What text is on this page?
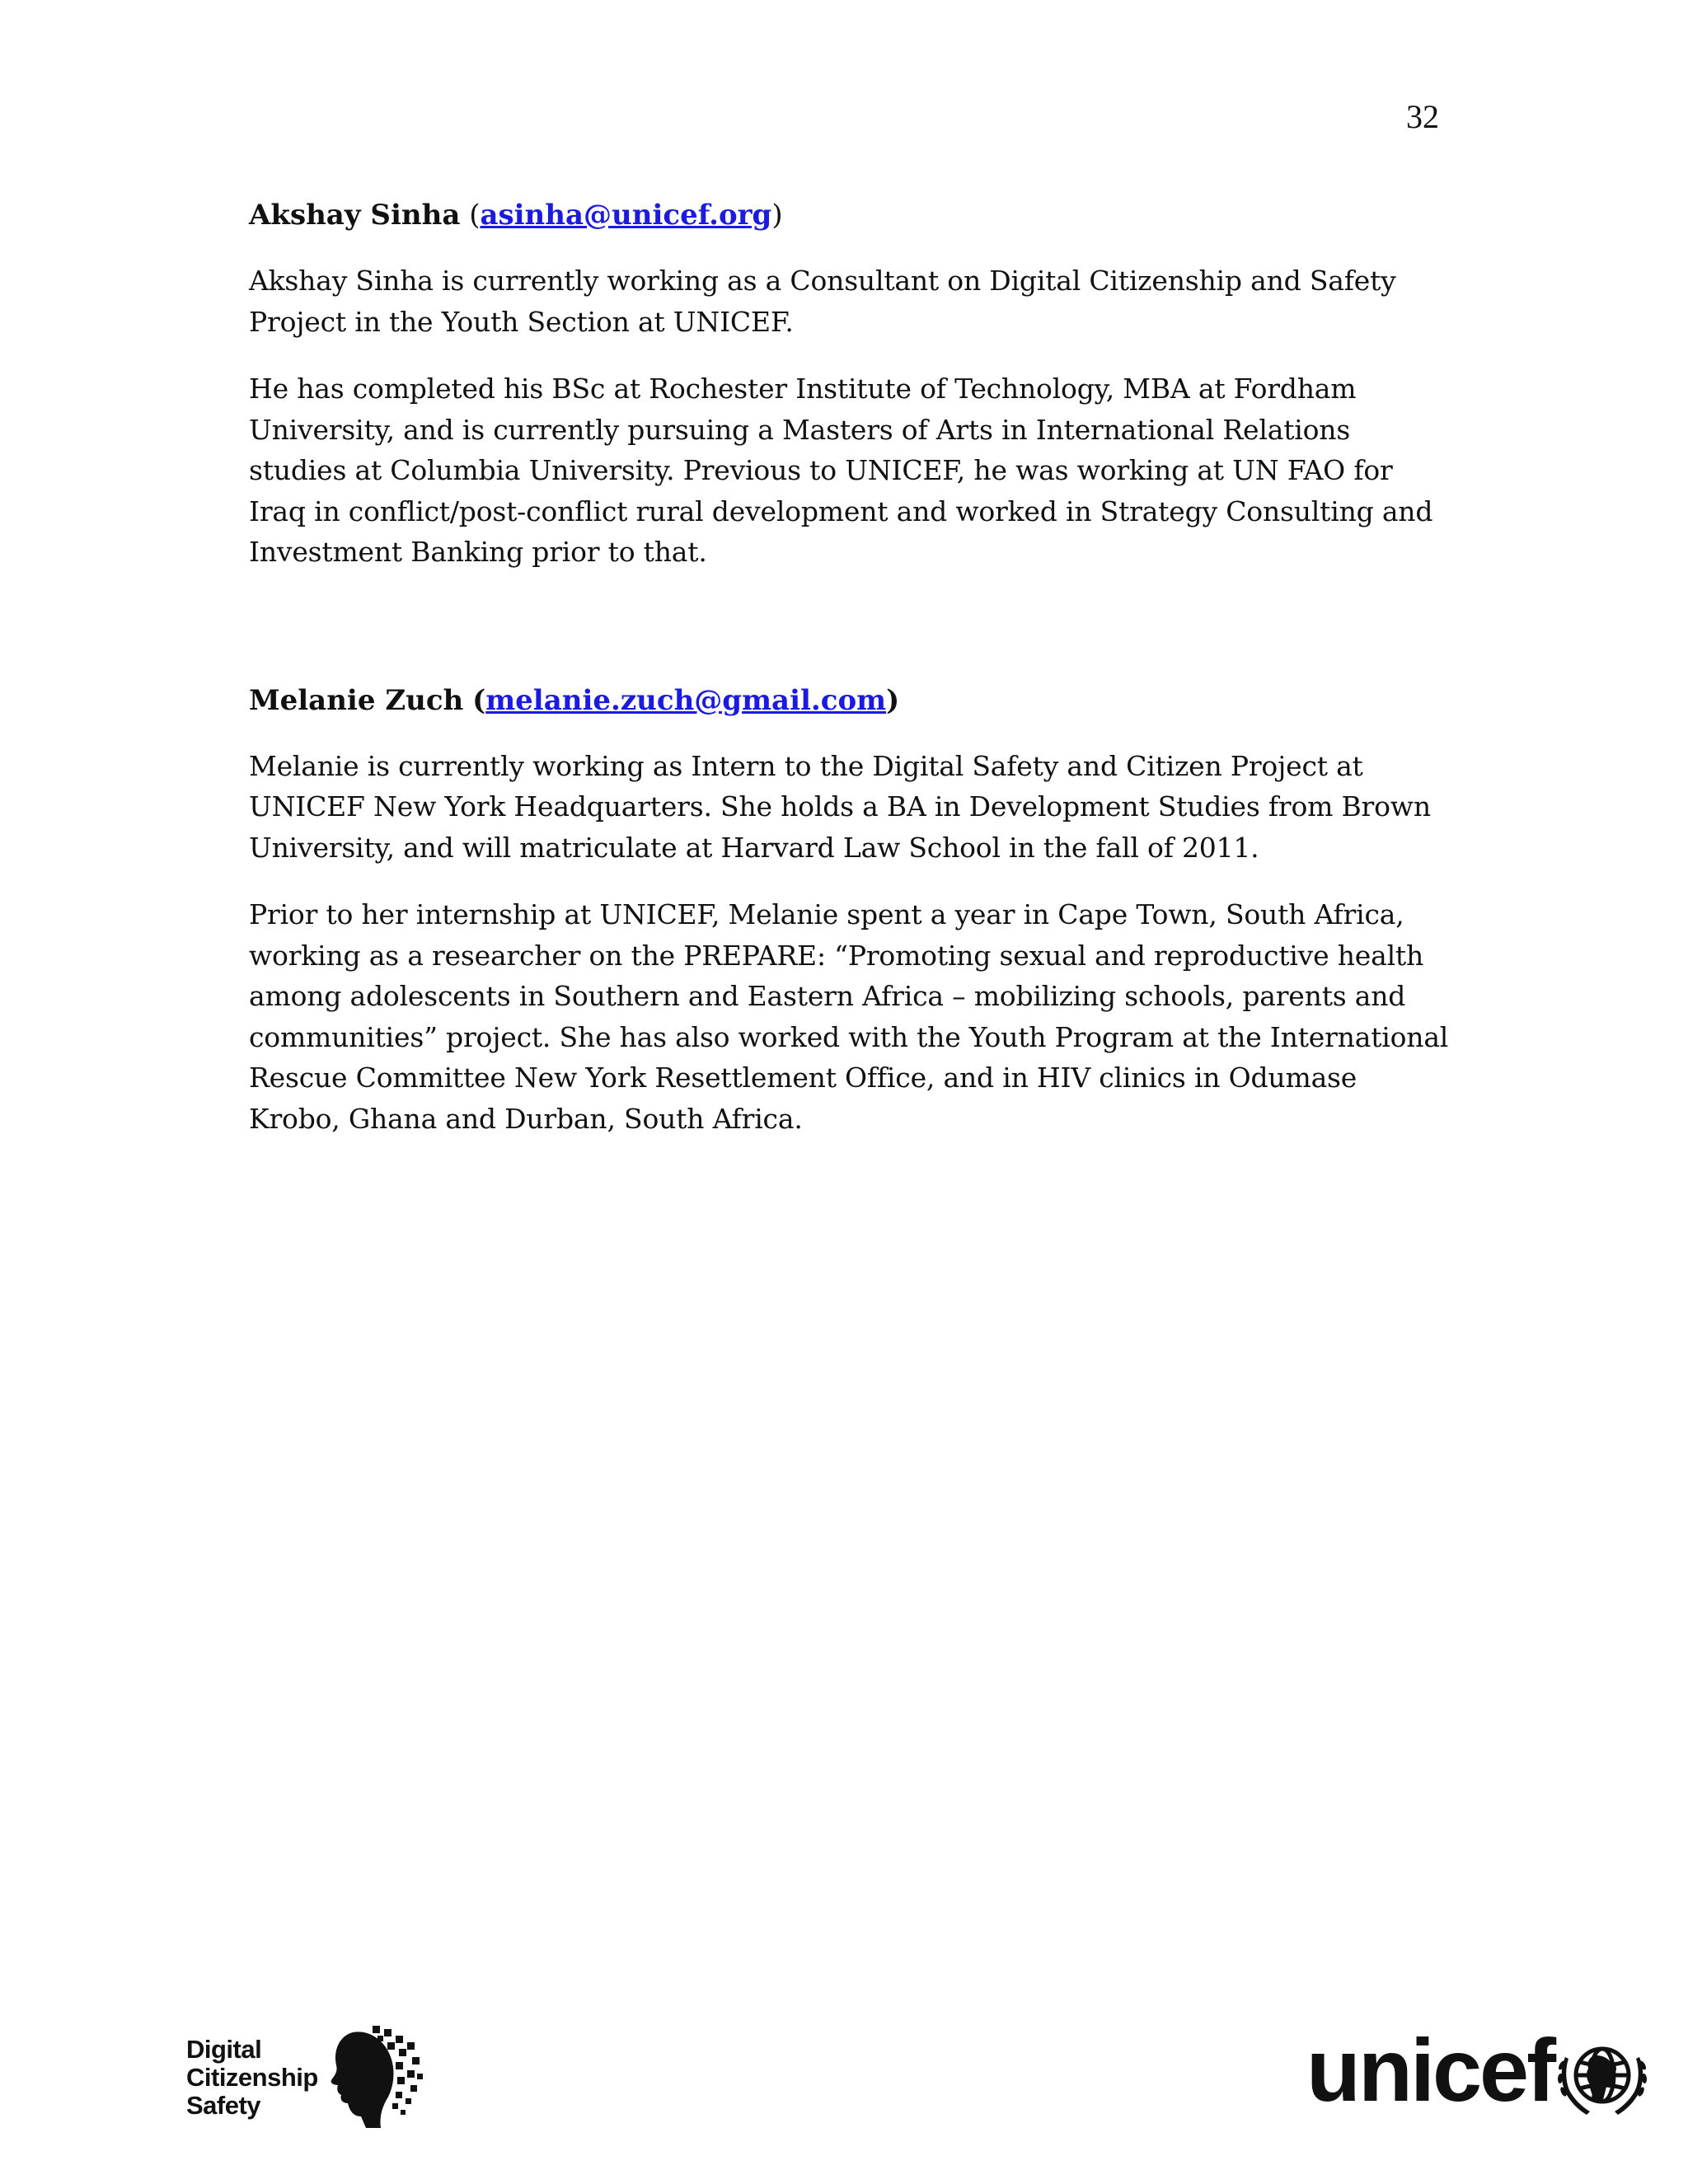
32
Akshay Sinha (asinha@unicef.org)

Akshay Sinha is currently working as a Consultant on Digital Citizenship and Safety Project in the Youth Section at UNICEF.

He has completed his BSc at Rochester Institute of Technology, MBA at Fordham University, and is currently pursuing a Masters of Arts in International Relations studies at Columbia University. Previous to UNICEF, he was working at UN FAO for Iraq in conflict/post-conflict rural development and worked in Strategy Consulting and Investment Banking prior to that.

Melanie Zuch (melanie.zuch@gmail.com)

Melanie is currently working as Intern to the Digital Safety and Citizen Project at UNICEF New York Headquarters. She holds a BA in Development Studies from Brown University, and will matriculate at Harvard Law School in the fall of 2011.

Prior to her internship at UNICEF, Melanie spent a year in Cape Town, South Africa, working as a researcher on the PREPARE: “Promoting sexual and reproductive health among adolescents in Southern and Eastern Africa – mobilizing schools, parents and communities” project. She has also worked with the Youth Program at the International Rescue Committee New York Resettlement Office, and in HIV clinics in Odumase Krobo, Ghana and Durban, South Africa.

Digital
Citizenship
Safety	unicef
